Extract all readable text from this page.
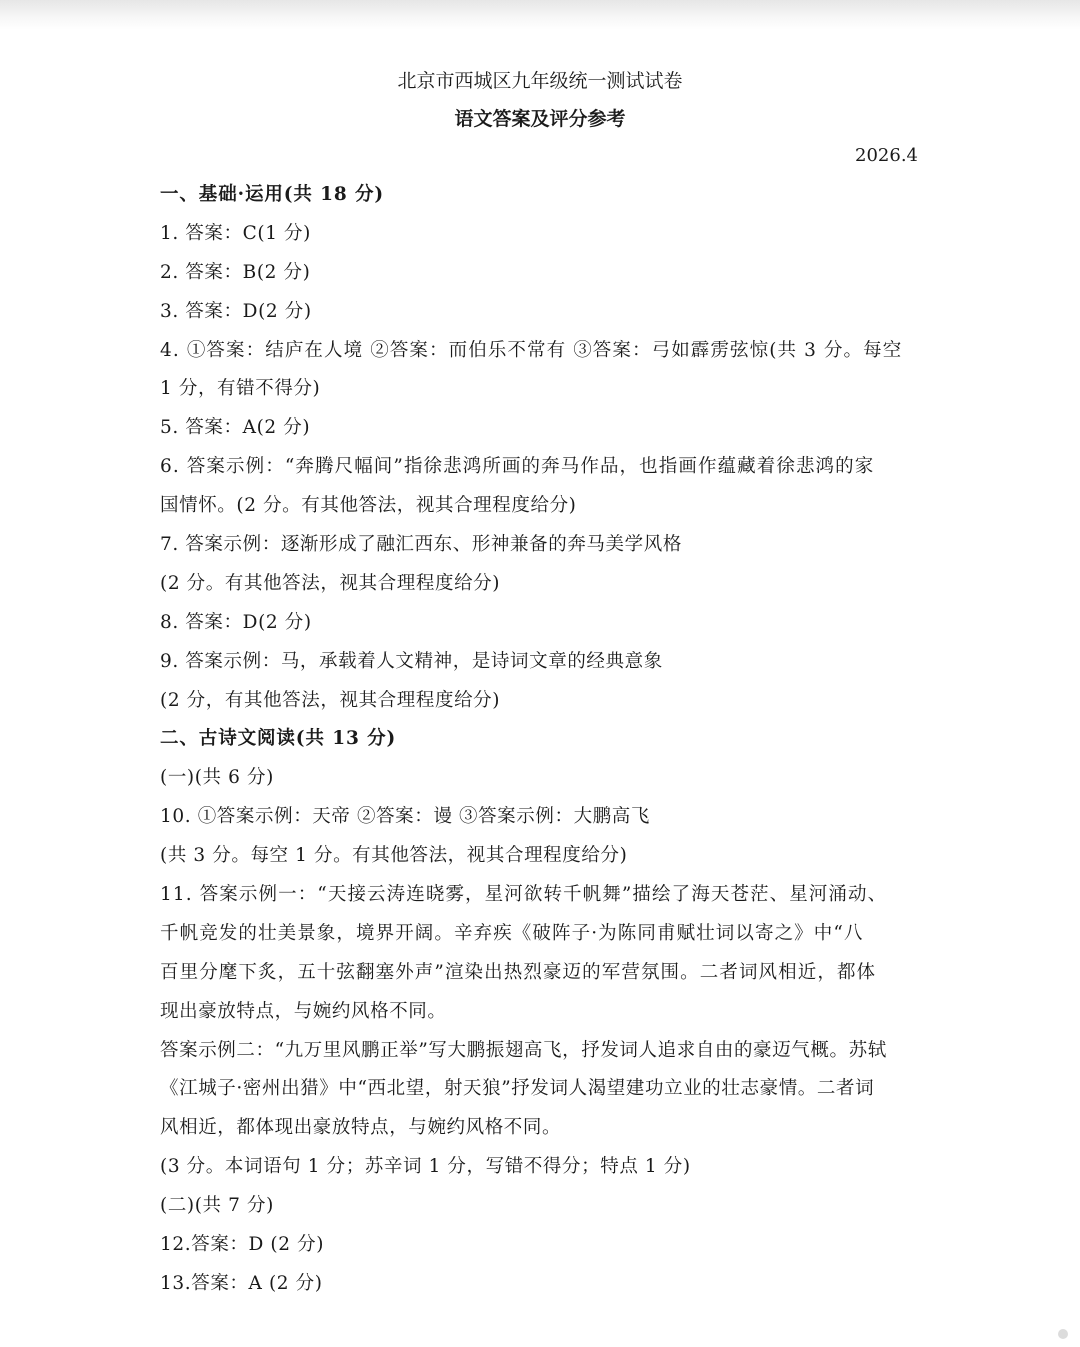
北京市西城区九年级统一测试试卷
语文答案及评分参考
2026.4
一、基础·运用(共 18 分)
1. 答案：C(1 分)
2. 答案：B(2 分)
3. 答案：D(2 分)
4. ①答案：结庐在人境 ②答案：而伯乐不常有 ③答案：弓如霹雳弦惊(共 3 分。每空
1 分，有错不得分)
5. 答案：A(2 分)
6. 答案示例：“奔腾尺幅间”指徐悲鸿所画的奔马作品，也指画作蕴藏着徐悲鸿的家
国情怀。(2 分。有其他答法，视其合理程度给分)
7. 答案示例：逐渐形成了融汇西东、形神兼备的奔马美学风格
(2 分。有其他答法，视其合理程度给分)
8. 答案：D(2 分)
9. 答案示例：马，承载着人文精神，是诗词文章的经典意象
(2 分，有其他答法，视其合理程度给分)
二、古诗文阅读(共 13 分)
(一)(共 6 分)
10. ①答案示例：天帝 ②答案：谩 ③答案示例：大鹏高飞
(共 3 分。每空 1 分。有其他答法，视其合理程度给分)
11. 答案示例一：“天接云涛连晓雾，星河欲转千帆舞”描绘了海天苍茫、星河涌动、
千帆竞发的壮美景象，境界开阔。辛弃疾《破阵子·为陈同甫赋壮词以寄之》中“八
百里分麾下炙，五十弦翻塞外声”渲染出热烈豪迈的军营氛围。二者词风相近，都体
现出豪放特点，与婉约风格不同。
答案示例二：“九万里风鹏正举”写大鹏振翅高飞，抒发词人追求自由的豪迈气概。苏轼
《江城子·密州出猎》中“西北望，射天狼”抒发词人渴望建功立业的壮志豪情。二者词
风相近，都体现出豪放特点，与婉约风格不同。
(3 分。本词语句 1 分；苏辛词 1 分，写错不得分；特点 1 分)
(二)(共 7 分)
12.答案：D (2 分)
13.答案：A (2 分)
